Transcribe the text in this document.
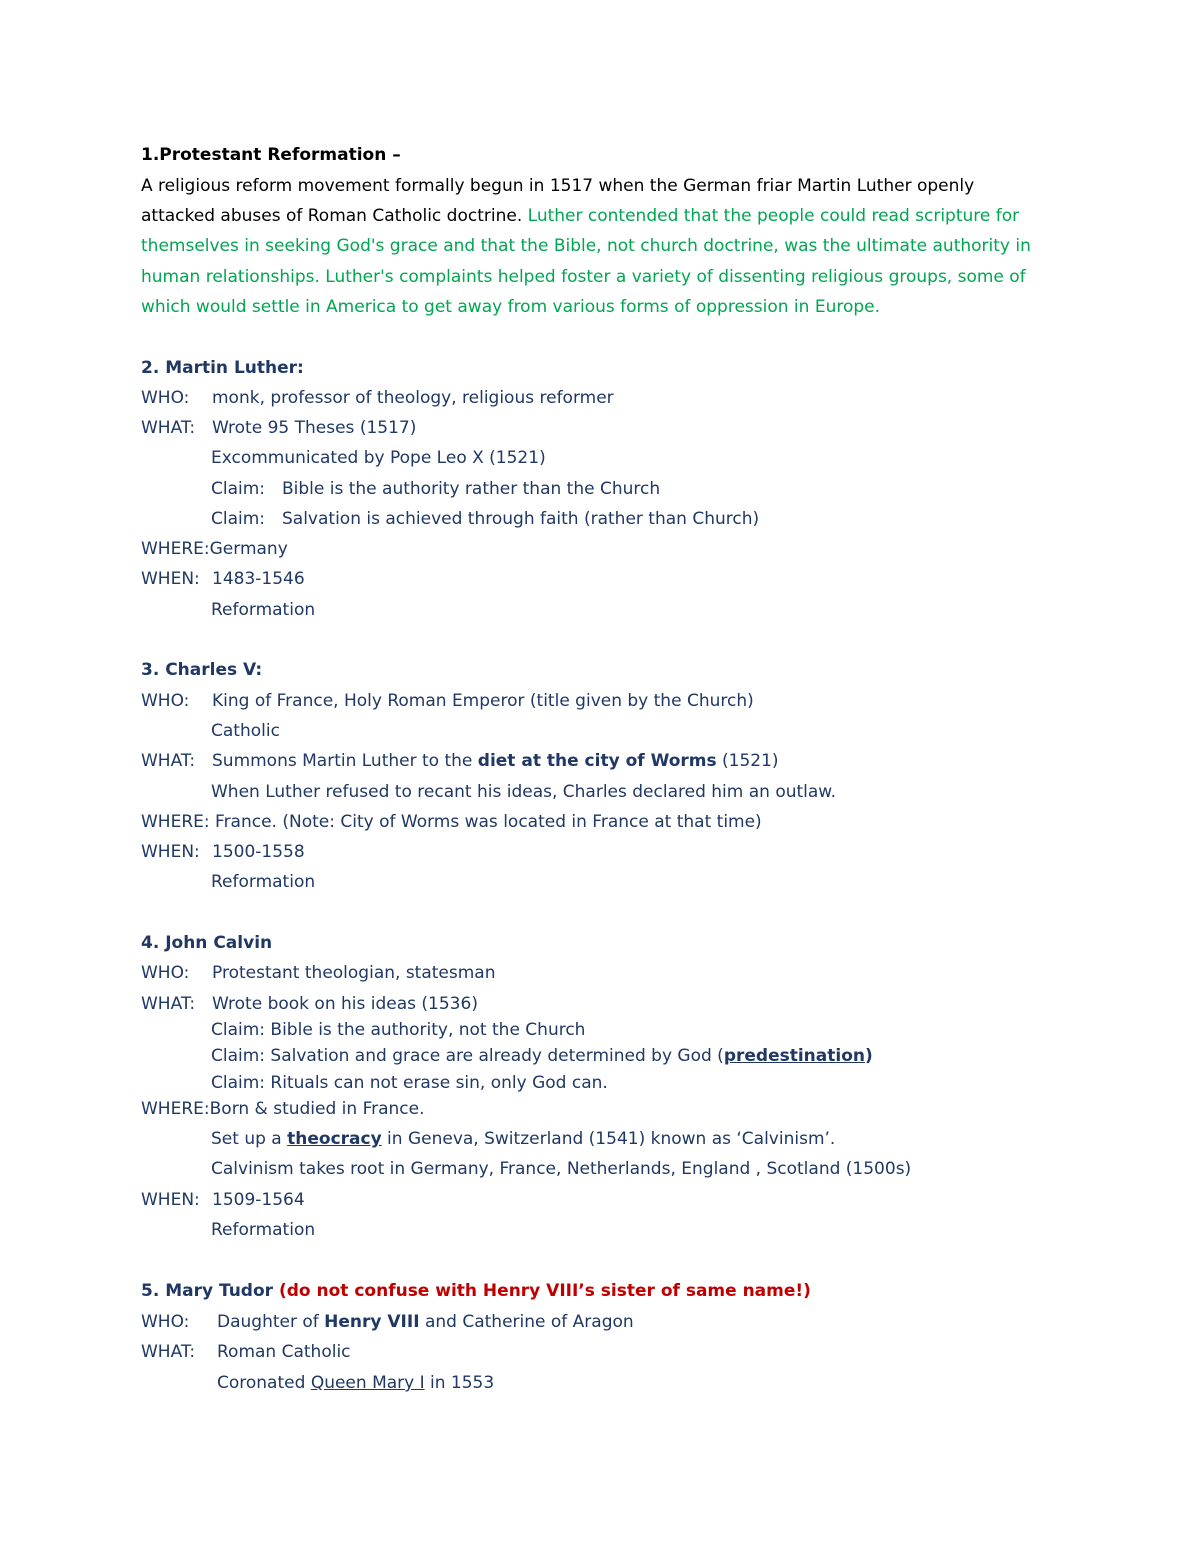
1.Protestant Reformation –
A religious reform movement formally begun in 1517 when the German friar Martin Luther openly
attacked abuses of Roman Catholic doctrine. Luther contended that the people could read scripture for
themselves in seeking God's grace and that the Bible, not church doctrine, was the ultimate authority in
human relationships. Luther's complaints helped foster a variety of dissenting religious groups, some of
which would settle in America to get away from various forms of oppression in Europe.
2. Martin Luther:
WHO: monk, professor of theology, religious reformer
WHAT: Wrote 95 Theses (1517)
Excommunicated by Pope Leo X (1521)
Claim: Bible is the authority rather than the Church
Claim: Salvation is achieved through faith (rather than Church)
WHERE:Germany
WHEN: 1483-1546
Reformation
3. Charles V:
WHO: King of France, Holy Roman Emperor (title given by the Church)
Catholic
WHAT: Summons Martin Luther to the diet at the city of Worms (1521)
When Luther refused to recant his ideas, Charles declared him an outlaw.
WHERE: France. (Note: City of Worms was located in France at that time)
WHEN: 1500-1558
Reformation
4. John Calvin
WHO: Protestant theologian, statesman
WHAT: Wrote book on his ideas (1536)
Claim: Bible is the authority, not the Church
Claim: Salvation and grace are already determined by God (predestination)
Claim: Rituals can not erase sin, only God can.
WHERE:Born & studied in France.
Set up a theocracy in Geneva, Switzerland (1541) known as ‘Calvinism’.
Calvinism takes root in Germany, France, Netherlands, England , Scotland (1500s)
WHEN: 1509-1564
Reformation
5. Mary Tudor (do not confuse with Henry VIII’s sister of same name!)
WHO: Daughter of Henry VIII and Catherine of Aragon
WHAT: Roman Catholic
Coronated Queen Mary I in 1553
